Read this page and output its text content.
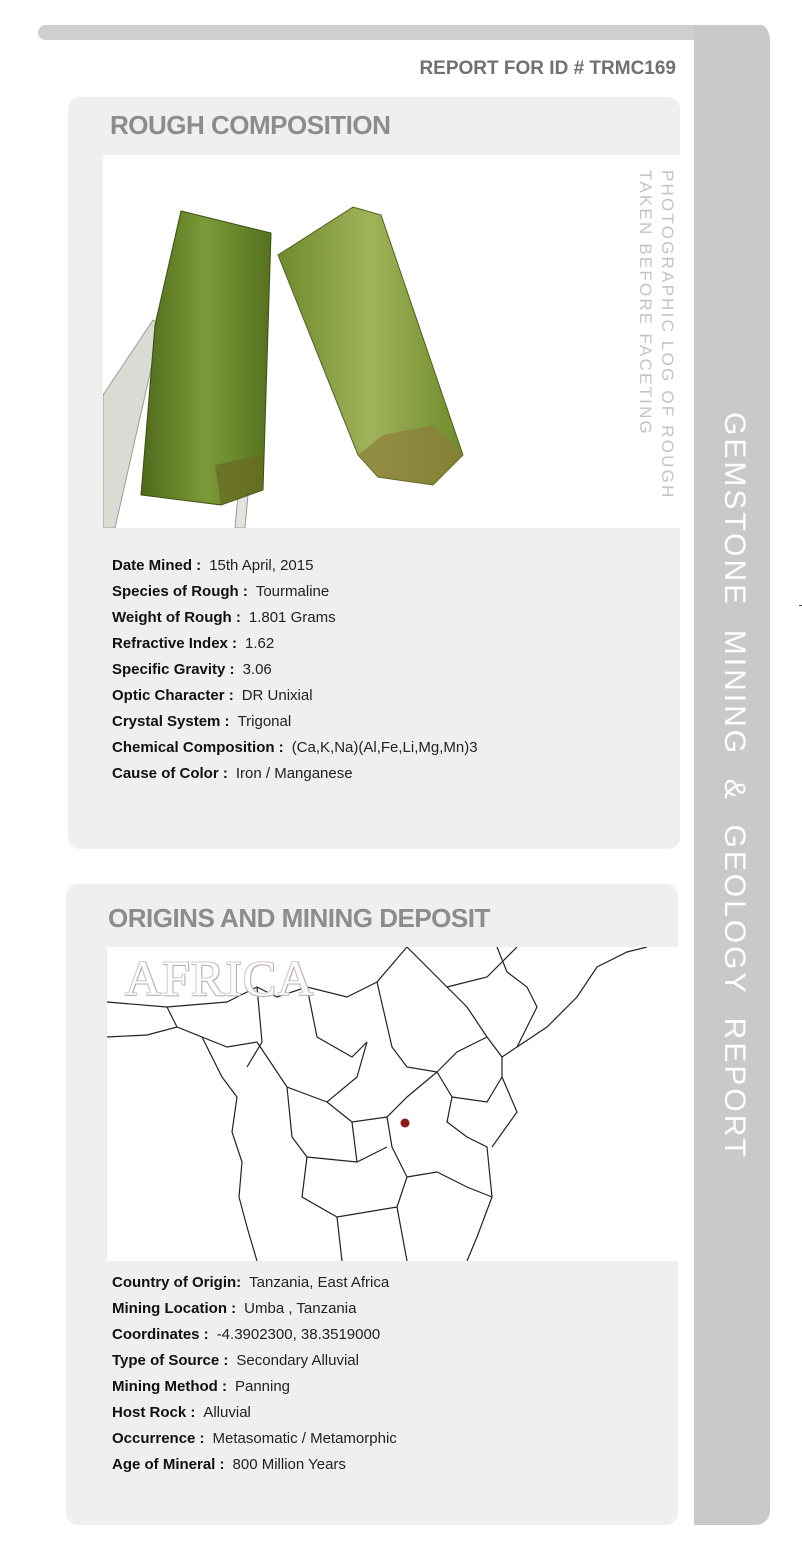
GEMSTONE  MINING  &  GEOLOGY  REPORT
REPORT FOR ID # TRMC169
ROUGH COMPOSITION
PHOTOGRAPHIC LOG OF ROUGH
TAKEN BEFORE FACETING
Date Mined : 15th April, 2015
Species of Rough : Tourmaline
Weight of Rough : 1.801 Grams
Refractive Index : 1.62
Specific Gravity : 3.06
Optic Character : DR Unixial
Crystal System : Trigonal
Chemical Composition : (Ca,K,Na)(Al,Fe,Li,Mg,Mn)3
Cause of Color : Iron / Manganese
ORIGINS AND MINING DEPOSIT
AFRICA
Country of Origin: Tanzania, East Africa
Mining Location : Umba , Tanzania
Coordinates : -4.3902300, 38.3519000
Type of Source : Secondary Alluvial
Mining Method : Panning
Host Rock : Alluvial
Occurrence : Metasomatic / Metamorphic
Age of Mineral : 800 Million Years
